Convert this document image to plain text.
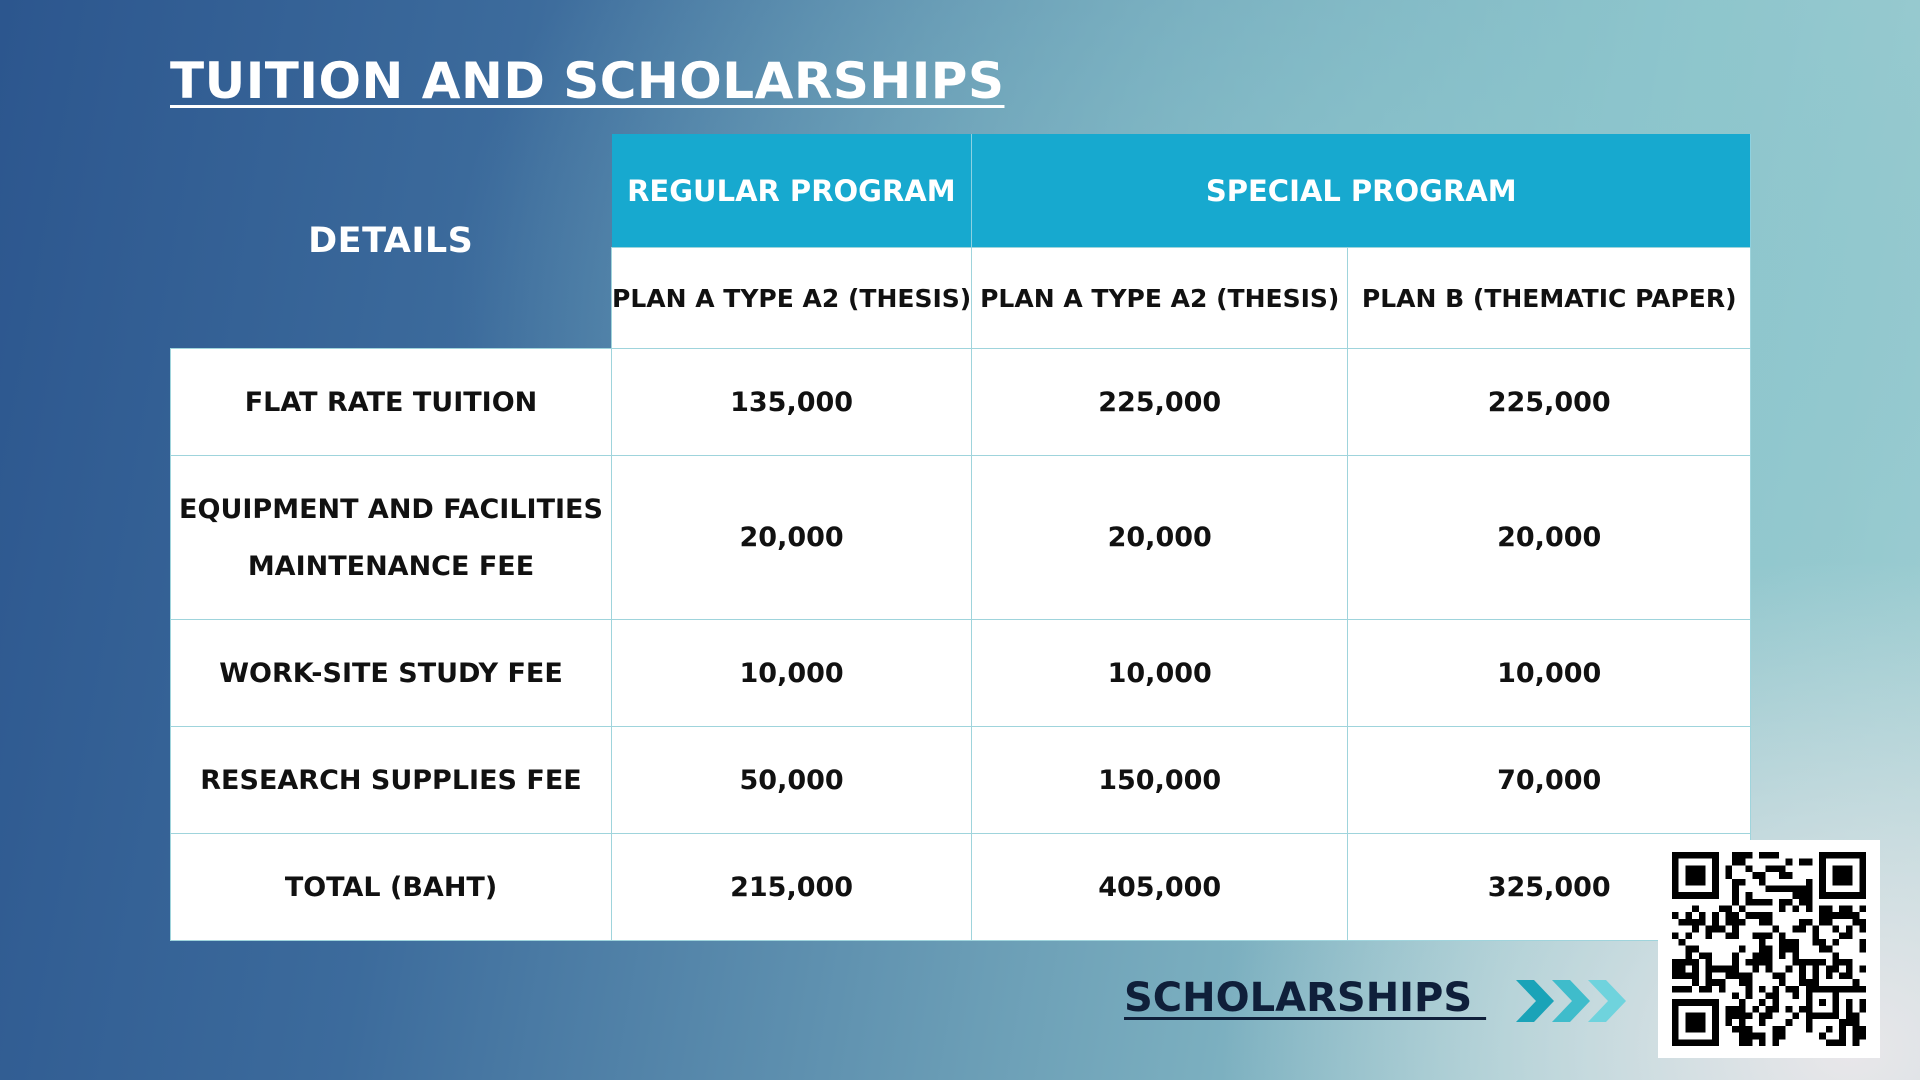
TUITION AND SCHOLARSHIPS
DETAILS	REGULAR PROGRAM	SPECIAL PROGRAM	
	PLAN A TYPE A2 (THESIS)	PLAN A TYPE A2 (THESIS)	PLAN B (THEMATIC PAPER)
FLAT RATE TUITION	135,000	225,000	225,000
EQUIPMENT AND FACILITIES
MAINTENANCE FEE	20,000	20,000	20,000
WORK-SITE STUDY FEE	10,000	10,000	10,000
RESEARCH SUPPLIES FEE	50,000	150,000	70,000
TOTAL (BAHT)	215,000	405,000	325,000
SCHOLARSHIPS
